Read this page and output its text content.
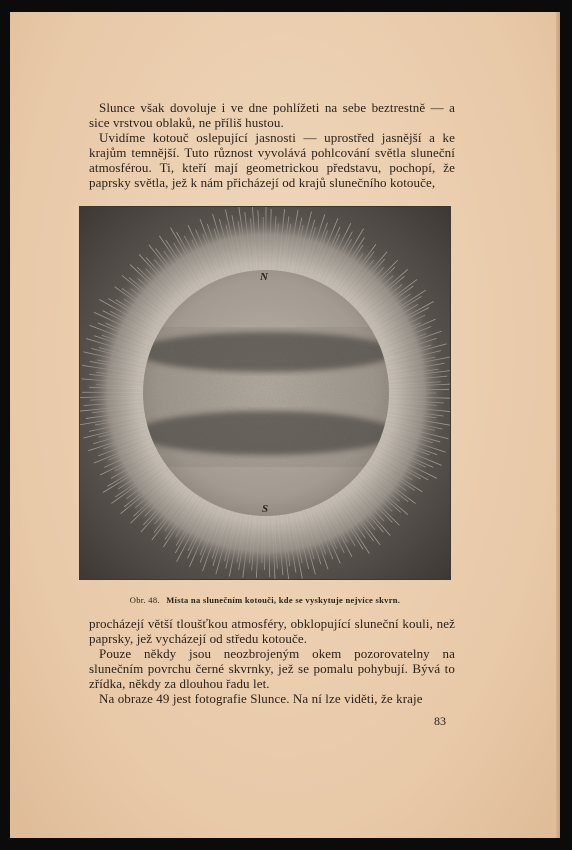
Slunce však dovoluje i ve dne pohlížeti na sebe beztrestně — a sice vrstvou oblaků, ne příliš hustou.

Uvidíme kotouč oslepující jasnosti — uprostřed jasnější a ke krajům temnější. Tuto různost vyvolává pohlcování světla sluneční atmosférou. Ti, kteří mají geometrickou představu, pochopí, že paprsky světla, jež k nám přicházejí od krajů slunečního kotouče,

N
S
Obr. 48. Místa na slunečním kotouči, kde se vyskytuje nejvíce skvrn.

procházejí větší tloušťkou atmosféry, obklopující sluneční kouli, než paprsky, jež vycházejí od středu kotouče.

Pouze někdy jsou neozbrojeným okem pozorovatelny na slunečním povrchu černé skvrnky, jež se pomalu pohybují. Bývá to zřídka, někdy za dlouhou řadu let.

Na obraze 49 jest fotografie Slunce. Na ní lze viděti, že kraje

83
